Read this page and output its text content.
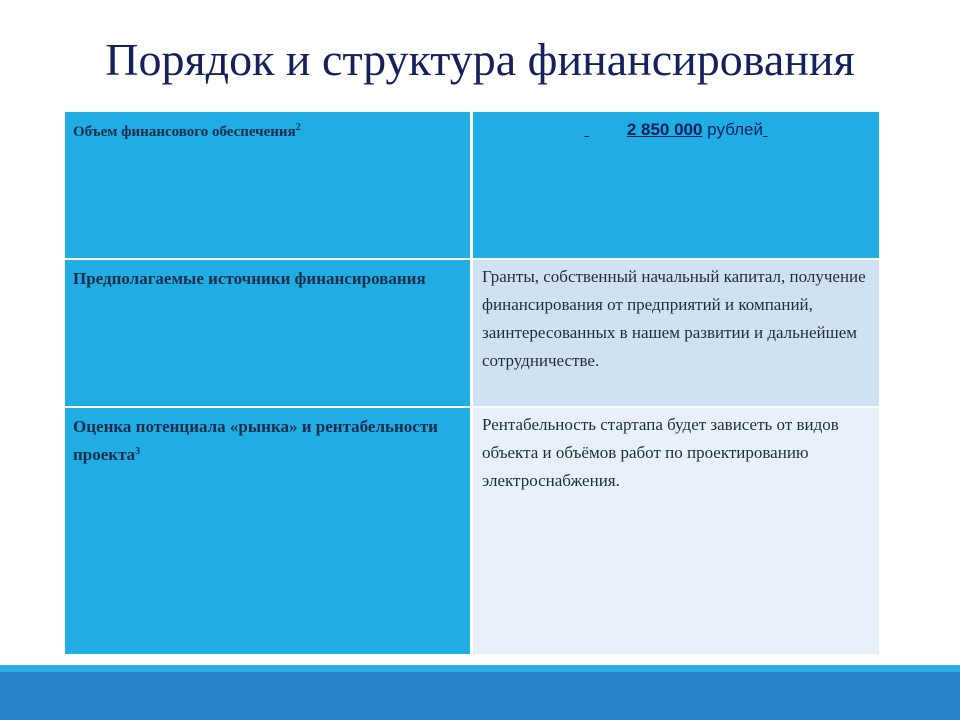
Порядок и структура финансирования
Объем финансового обеспечения$^2$	2 850 000 рублей
Предполагаемые источники финансирования	Гранты, собственный начальный капитал, получение финансирования от предприятий и компаний, заинтересованных в нашем развитии и дальнейшем сотрудничестве.
Оценка потенциала «рынка» и рентабельности проекта$^3$
Рентабельность стартапа будет зависеть от видов объекта и объёмов работ по проектированию электроснабжения.
